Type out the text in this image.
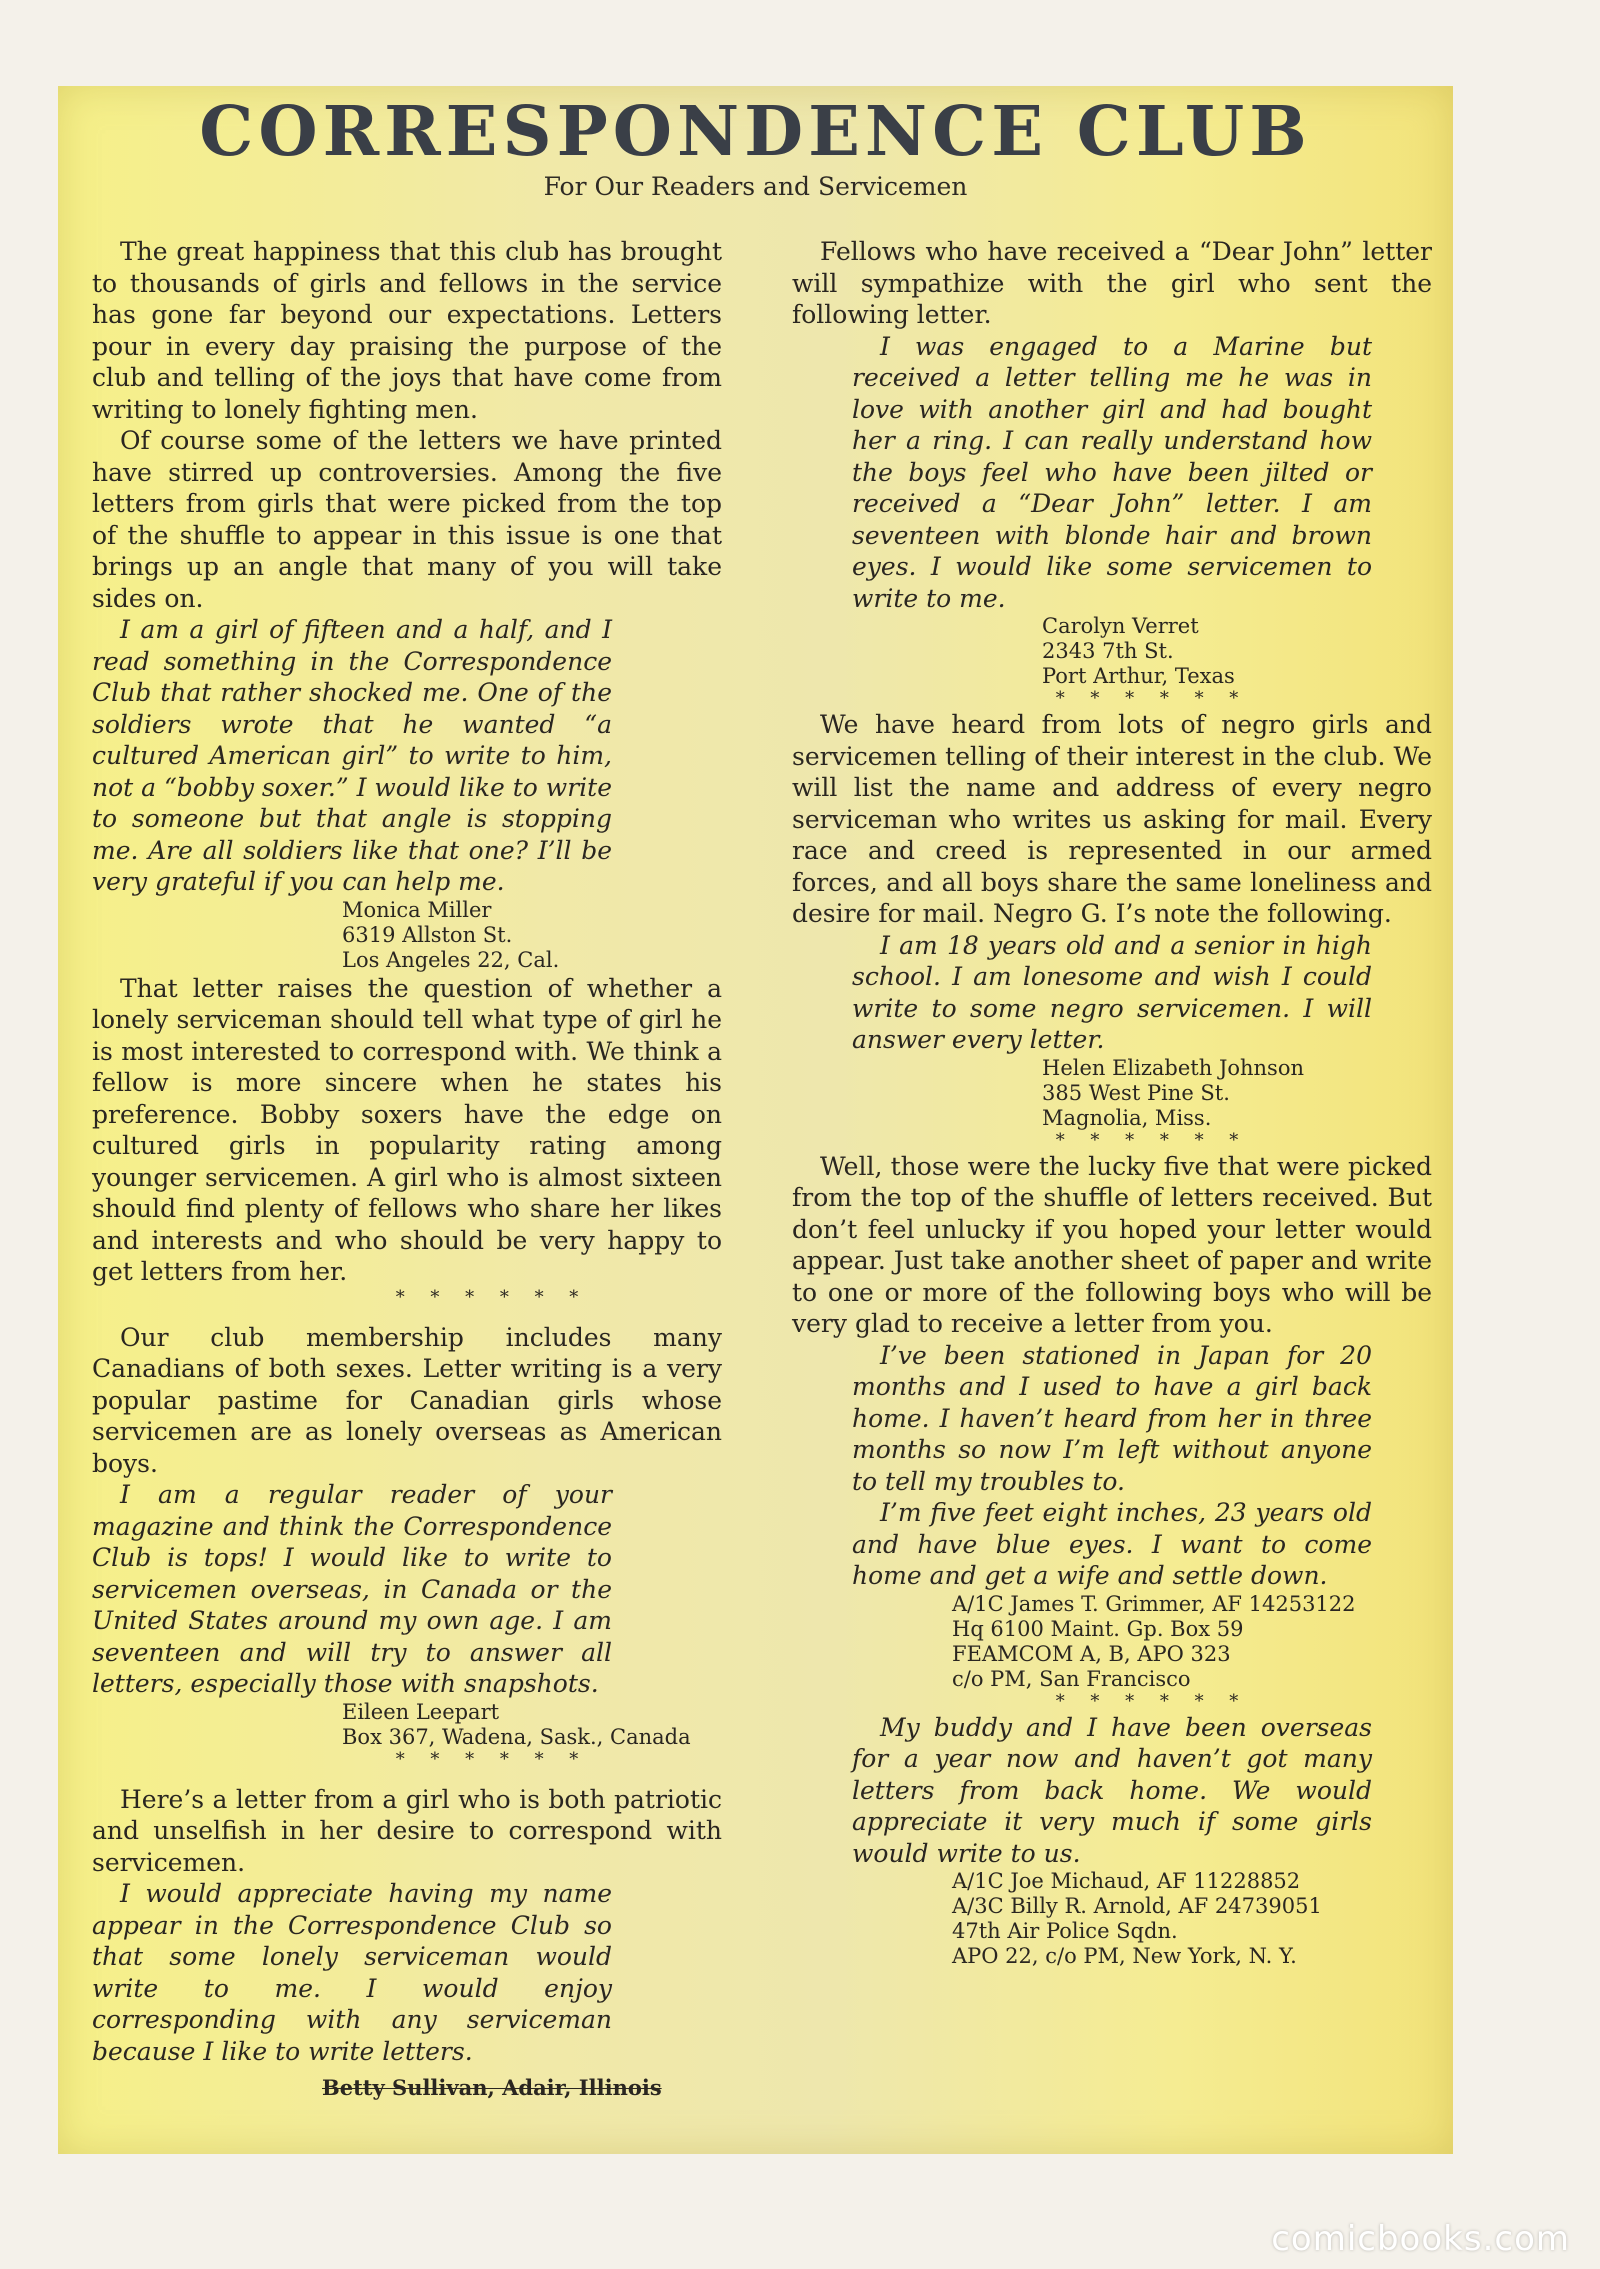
CORRESPONDENCE CLUB
For Our Readers and Servicemen

The great happiness that this club has brought to thousands of girls and fellows in the service has gone far beyond our expectations. Letters pour in every day praising the purpose of the club and telling of the joys that have come from writing to lonely fighting men.

Of course some of the letters we have printed have stirred up controversies. Among the five letters from girls that were picked from the top of the shuffle to appear in this issue is one that brings up an angle that many of you will take sides on.

I am a girl of fifteen and a half, and I read something in the Correspondence Club that rather shocked me. One of the soldiers wrote that he wanted “a cultured American girl” to write to him, not a “bobby soxer.” I would like to write to someone but that angle is stopping me. Are all soldiers like that one? I’ll be very grateful if you can help me.

Monica Miller
6319 Allston St.
Los Angeles 22, Cal.

That letter raises the question of whether a lonely serviceman should tell what type of girl he is most interested to correspond with. We think a fellow is more sincere when he states his preference. Bobby soxers have the edge on cultured girls in popularity rating among younger servicemen. A girl who is almost sixteen should find plenty of fellows who share her likes and interests and who should be very happy to get letters from her.

* * * * * *

Our club membership includes many Canadians of both sexes. Letter writing is a very popular pastime for Canadian girls whose servicemen are as lonely overseas as American boys.

I am a regular reader of your magazine and think the Correspondence Club is tops! I would like to write to servicemen overseas, in Canada or the United States around my own age. I am seventeen and will try to answer all letters, especially those with snapshots.

Eileen Leepart
Box 367, Wadena, Sask., Canada
* * * * * *

Here’s a letter from a girl who is both patriotic and unselfish in her desire to correspond with servicemen.

I would appreciate having my name appear in the Correspondence Club so that some lonely serviceman would write to me. I would enjoy corresponding with any serviceman because I like to write letters.

Betty Sullivan, Adair, Illinois

Fellows who have received a “Dear John” letter will sympathize with the girl who sent the following letter.

I was engaged to a Marine but received a letter telling me he was in love with another girl and had bought her a ring. I can really understand how the boys feel who have been jilted or received a “Dear John” letter. I am seventeen with blonde hair and brown eyes. I would like some servicemen to write to me.

Carolyn Verret
2343 7th St.
Port Arthur, Texas
* * * * * *

We have heard from lots of negro girls and servicemen telling of their interest in the club. We will list the name and address of every negro serviceman who writes us asking for mail. Every race and creed is represented in our armed forces, and all boys share the same loneliness and desire for mail. Negro G. I’s note the following.

I am 18 years old and a senior in high school. I am lonesome and wish I could write to some negro servicemen. I will answer every letter.

Helen Elizabeth Johnson
385 West Pine St.
Magnolia, Miss.
* * * * * *

Well, those were the lucky five that were picked from the top of the shuffle of letters received. But don’t feel unlucky if you hoped your letter would appear. Just take another sheet of paper and write to one or more of the following boys who will be very glad to receive a letter from you.

I’ve been stationed in Japan for 20 months and I used to have a girl back home. I haven’t heard from her in three months so now I’m left without anyone to tell my troubles to.

I’m five feet eight inches, 23 years old and have blue eyes. I want to come home and get a wife and settle down.

A/1C James T. Grimmer, AF 14253122
Hq 6100 Maint. Gp. Box 59
FEAMCOM A, B, APO 323
c/o PM, San Francisco
* * * * * *

My buddy and I have been overseas for a year now and haven’t got many letters from back home. We would appreciate it very much if some girls would write to us.

A/1C Joe Michaud, AF 11228852
A/3C Billy R. Arnold, AF 24739051
47th Air Police Sqdn.
APO 22, c/o PM, New York, N. Y.
comicbooks.com
